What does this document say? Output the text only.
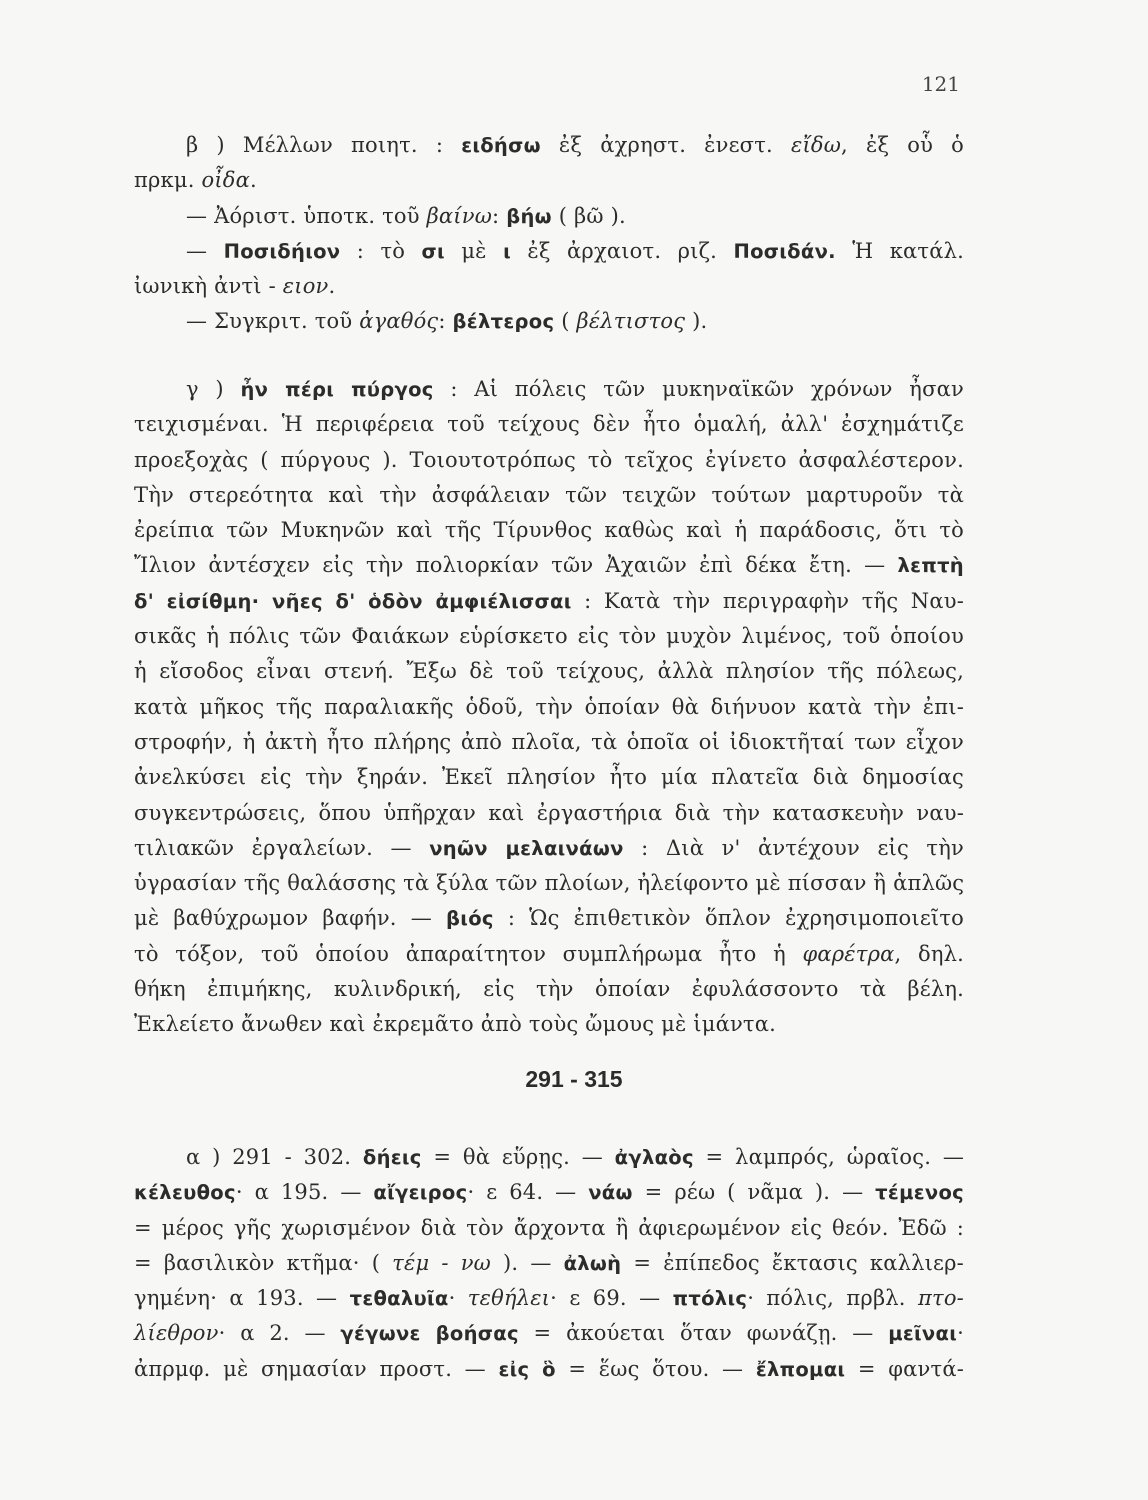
121
β ) Μέλλων ποιητ. : ειδήσω ἐξ ἀχρηστ. ἐνεστ. εἴδω, ἐξ οὗ ὁ
πρκμ. οἶδα.
— Ἀόριστ. ὑποτκ. τοῦ βαίνω: βήω ( βῶ ).
— Ποσιδήιον : τὸ σι μὲ ι ἐξ ἀρχαιοτ. ριζ. Ποσιδάν. Ἡ κατάλ.
ἰωνικὴ ἀντὶ - ειον.
— Συγκριτ. τοῦ ἀγαθός: βέλτερος ( βέλτιστος ).
γ ) ἦν πέρι πύργος : Αἱ πόλεις τῶν μυκηναϊκῶν χρόνων ἦσαν
τειχισμέναι. Ἡ περιφέρεια τοῦ τείχους δὲν ἦτο ὁμαλή, ἀλλ' ἐσχημάτιζε
προεξοχὰς ( πύργους ). Τοιουτοτρόπως τὸ τεῖχος ἐγίνετο ἀσφαλέστερον.
Τὴν στερεότητα καὶ τὴν ἀσφάλειαν τῶν τειχῶν τούτων μαρτυροῦν τὰ
ἐρείπια τῶν Μυκηνῶν καὶ τῆς Τίρυνθος καθὼς καὶ ἡ παράδοσις, ὅτι τὸ
Ἴλιον ἀντέσχεν εἰς τὴν πολιορκίαν τῶν Ἀχαιῶν ἐπὶ δέκα ἔτη. — λεπτὴ
δ' εἰσίθμη· νῆες δ' ὁδὸν ἀμφιέλισσαι : Κατὰ τὴν περιγραφὴν τῆς Ναυ-
σικᾶς ἡ πόλις τῶν Φαιάκων εὑρίσκετο εἰς τὸν μυχὸν λιμένος, τοῦ ὁποίου
ἡ εἴσοδος εἶναι στενή. Ἔξω δὲ τοῦ τείχους, ἀλλὰ πλησίον τῆς πόλεως,
κατὰ μῆκος τῆς παραλιακῆς ὁδοῦ, τὴν ὁποίαν θὰ διήνυον κατὰ τὴν ἐπι-
στροφήν, ἡ ἀκτὴ ἦτο πλήρης ἀπὸ πλοῖα, τὰ ὁποῖα οἱ ἰδιοκτῆταί των εἶχον
ἀνελκύσει εἰς τὴν ξηράν. Ἐκεῖ πλησίον ἦτο μία πλατεῖα διὰ δημοσίας
συγκεντρώσεις, ὅπου ὑπῆρχαν καὶ ἐργαστήρια διὰ τὴν κατασκευὴν ναυ-
τιλιακῶν ἐργαλείων. — νηῶν μελαινάων : Διὰ ν' ἀντέχουν εἰς τὴν
ὑγρασίαν τῆς θαλάσσης τὰ ξύλα τῶν πλοίων, ἠλείφοντο μὲ πίσσαν ἢ ἁπλῶς
μὲ βαθύχρωμον βαφήν. — βιός : Ὡς ἐπιθετικὸν ὅπλον ἐχρησιμοποιεῖτο
τὸ τόξον, τοῦ ὁποίου ἀπαραίτητον συμπλήρωμα ἦτο ἡ φαρέτρα, δηλ.
θήκη ἐπιμήκης, κυλινδρική, εἰς τὴν ὁποίαν ἐφυλάσσοντο τὰ βέλη.
Ἐκλείετο ἄνωθεν καὶ ἐκρεμᾶτο ἀπὸ τοὺς ὤμους μὲ ἱμάντα.
291 - 315
α ) 291 - 302. δήεις = θὰ εὕρῃς. — ἀγλαὸς = λαμπρός, ὡραῖος. —
κέλευθος· α 195. — αἴγειρος· ε 64. — νάω = ρέω ( νᾶμα ). — τέμενος
= μέρος γῆς χωρισμένον διὰ τὸν ἄρχοντα ἢ ἀφιερωμένον εἰς θεόν. Ἐδῶ :
= βασιλικὸν κτῆμα· ( τέμ - νω ). — ἀλωὴ = ἐπίπεδος ἔκτασις καλλιερ-
γημένη· α 193. — τεθαλυῖα· τεθήλει· ε 69. — πτόλις· πόλις, πρβλ. πτο-
λίεθρον· α 2. — γέγωνε βοήσας = ἀκούεται ὅταν φωνάζῃ. — μεῖναι·
ἀπρμφ. μὲ σημασίαν προστ. — εἰς ὃ = ἕως ὅτου. — ἔλπομαι = φαντά-
